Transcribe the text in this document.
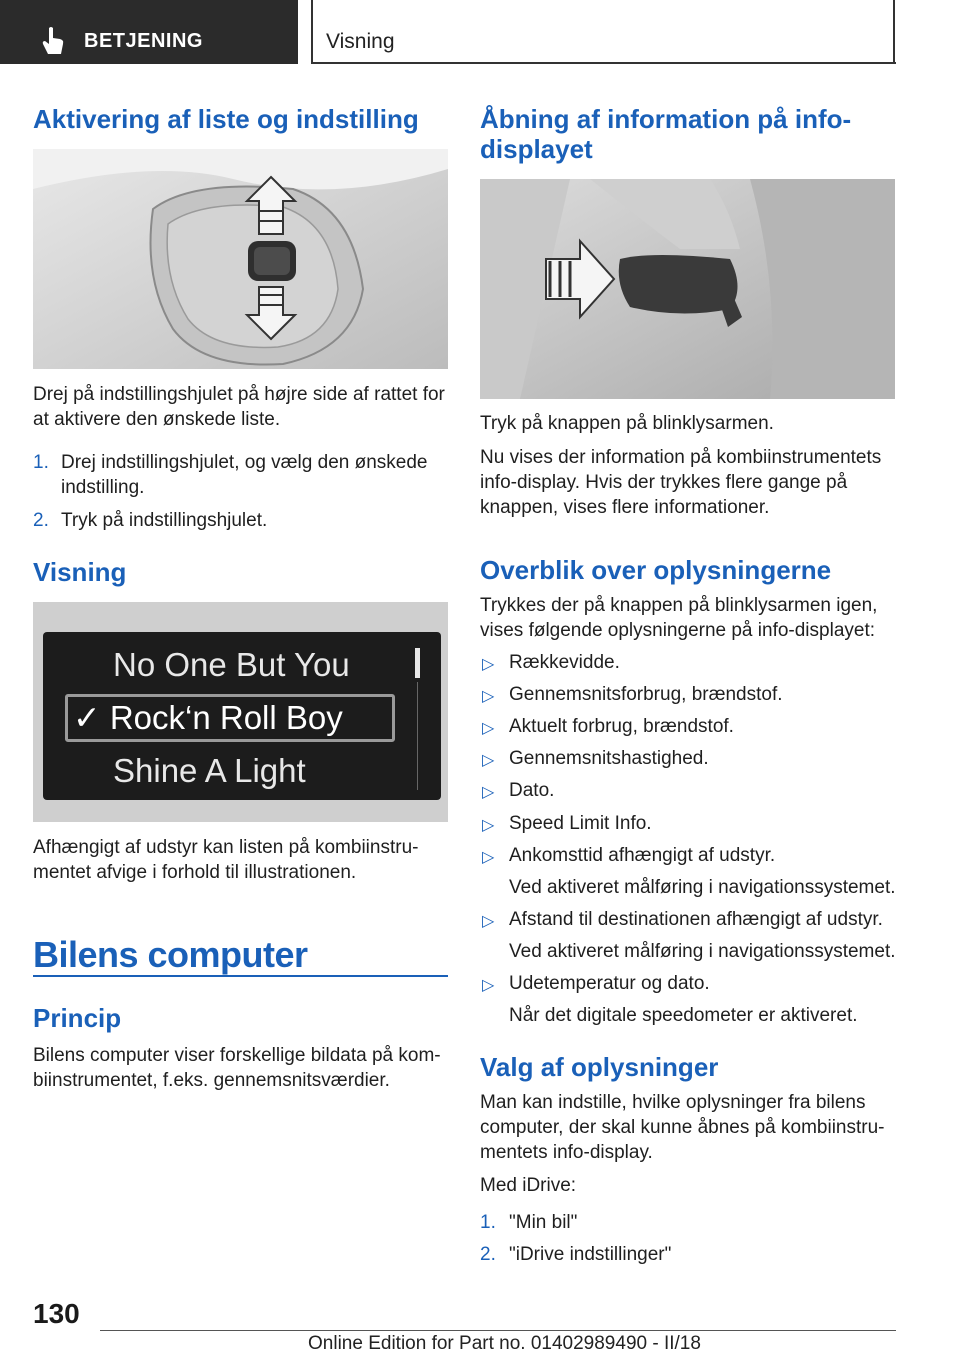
BETJENING	Visning
Aktivering af liste og indstilling
Drej på indstillingshjulet på højre side af rattet for
at aktivere den ønskede liste.
1. Drej indstillingshjulet, og vælg den ønskede
indstilling.
2. Tryk på indstillingshjulet.
Visning
No One But You
✓ Rock‘n Roll Boy
Shine A Light
Afhængigt af udstyr kan listen på kombiinstru‐
mentet afvige i forhold til illustrationen.
Bilens computer
Princip
Bilens computer viser forskellige bildata på kom‐
biinstrumentet, f.eks. gennemsnitsværdier.
Åbning af information på info‐
displayet
Tryk på knappen på blinklysarmen.
Nu vises der information på kombiinstrumentets
info-display. Hvis der trykkes flere gange på
knappen, vises flere informationer.
Overblik over oplysningerne
Trykkes der på knappen på blinklysarmen igen,
vises følgende oplysningerne på info-displayet:
▷ Rækkevidde.
▷ Gennemsnitsforbrug, brændstof.
▷ Aktuelt forbrug, brændstof.
▷ Gennemsnitshastighed.
▷ Dato.
▷ Speed Limit Info.
▷ Ankomsttid afhængigt af udstyr.
Ved aktiveret målføring i navigationssystemet.
▷ Afstand til destinationen afhængigt af udstyr.
Ved aktiveret målføring i navigationssystemet.
▷ Udetemperatur og dato.
Når det digitale speedometer er aktiveret.
Valg af oplysninger
Man kan indstille, hvilke oplysninger fra bilens
computer, der skal kunne åbnes på kombiinstru‐
mentets info-display.
Med iDrive:
1. "Min bil"
2. "iDrive indstillinger"
130
Online Edition for Part no. 01402989490 - II/18
